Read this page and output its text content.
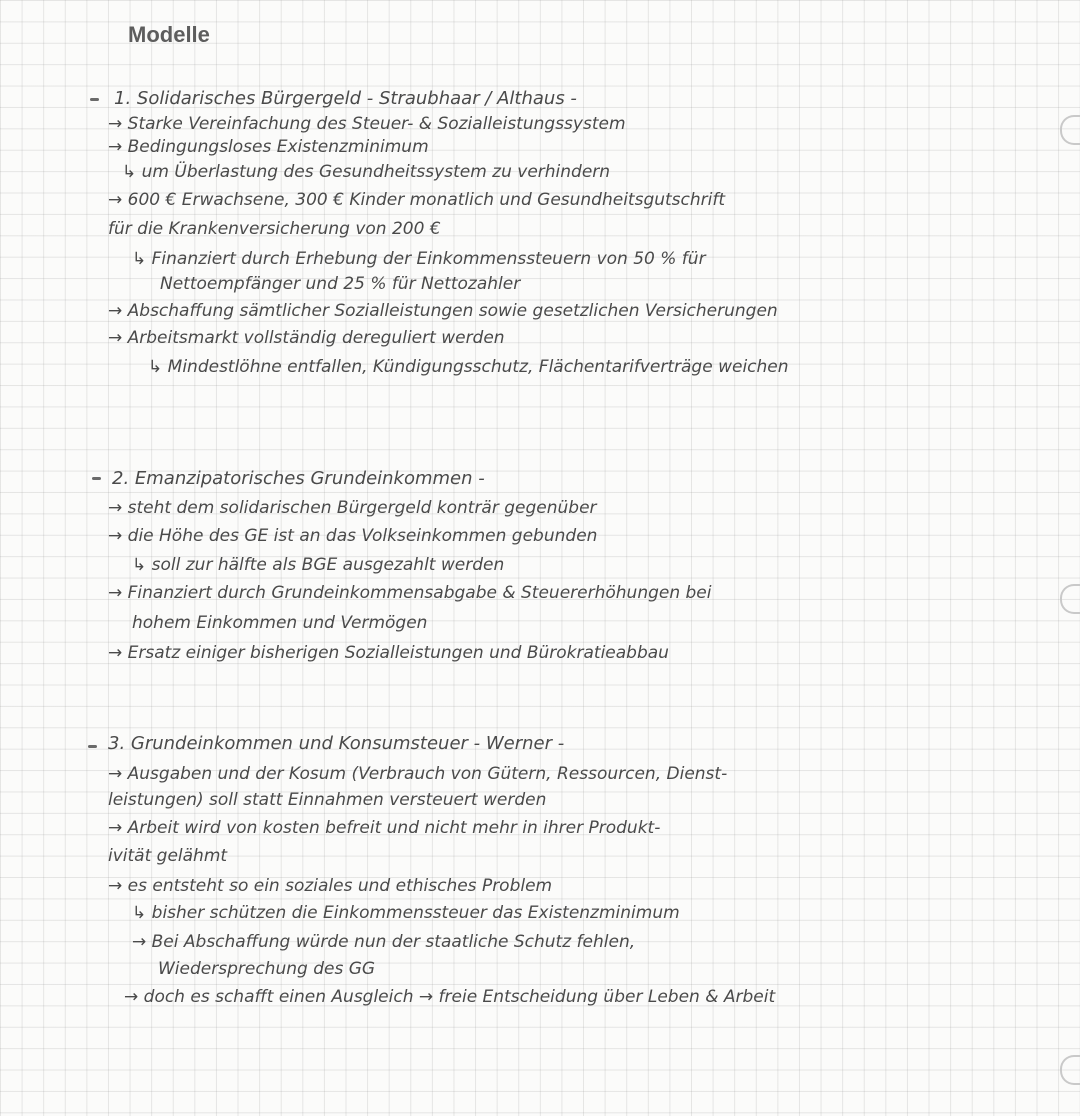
Modelle
1. Solidarisches Bürgergeld - Straubhaar / Althaus -
→ Starke Vereinfachung des Steuer- & Sozialleistungssystem
→ Bedingungsloses Existenzminimum
↳ um Überlastung des Gesundheitssystem zu verhindern
→ 600 € Erwachsene, 300 € Kinder monatlich und Gesundheitsgutschrift
für die Krankenversicherung von 200 €
↳ Finanziert durch Erhebung der Einkommenssteuern von 50 % für
Nettoempfänger und 25 % für Nettozahler
→ Abschaffung sämtlicher Sozialleistungen sowie gesetzlichen Versicherungen
→ Arbeitsmarkt vollständig dereguliert werden
↳ Mindestlöhne entfallen, Kündigungsschutz, Flächentarifverträge weichen
2. Emanzipatorisches Grundeinkommen -
→ steht dem solidarischen Bürgergeld konträr gegenüber
→ die Höhe des GE ist an das Volkseinkommen gebunden
↳ soll zur hälfte als BGE ausgezahlt werden
→ Finanziert durch Grundeinkommensabgabe & Steuererhöhungen bei
hohem Einkommen und Vermögen
→ Ersatz einiger bisherigen Sozialleistungen und Bürokratieabbau
3. Grundeinkommen und Konsumsteuer - Werner -
→ Ausgaben und der Kosum (Verbrauch von Gütern, Ressourcen, Dienst-
leistungen) soll statt Einnahmen versteuert werden
→ Arbeit wird von kosten befreit und nicht mehr in ihrer Produkt-
ivität gelähmt
→ es entsteht so ein soziales und ethisches Problem
↳ bisher schützen die Einkommenssteuer das Existenzminimum
→ Bei Abschaffung würde nun der staatliche Schutz fehlen,
Wiedersprechung des GG
→ doch es schafft einen Ausgleich → freie Entscheidung über Leben & Arbeit
